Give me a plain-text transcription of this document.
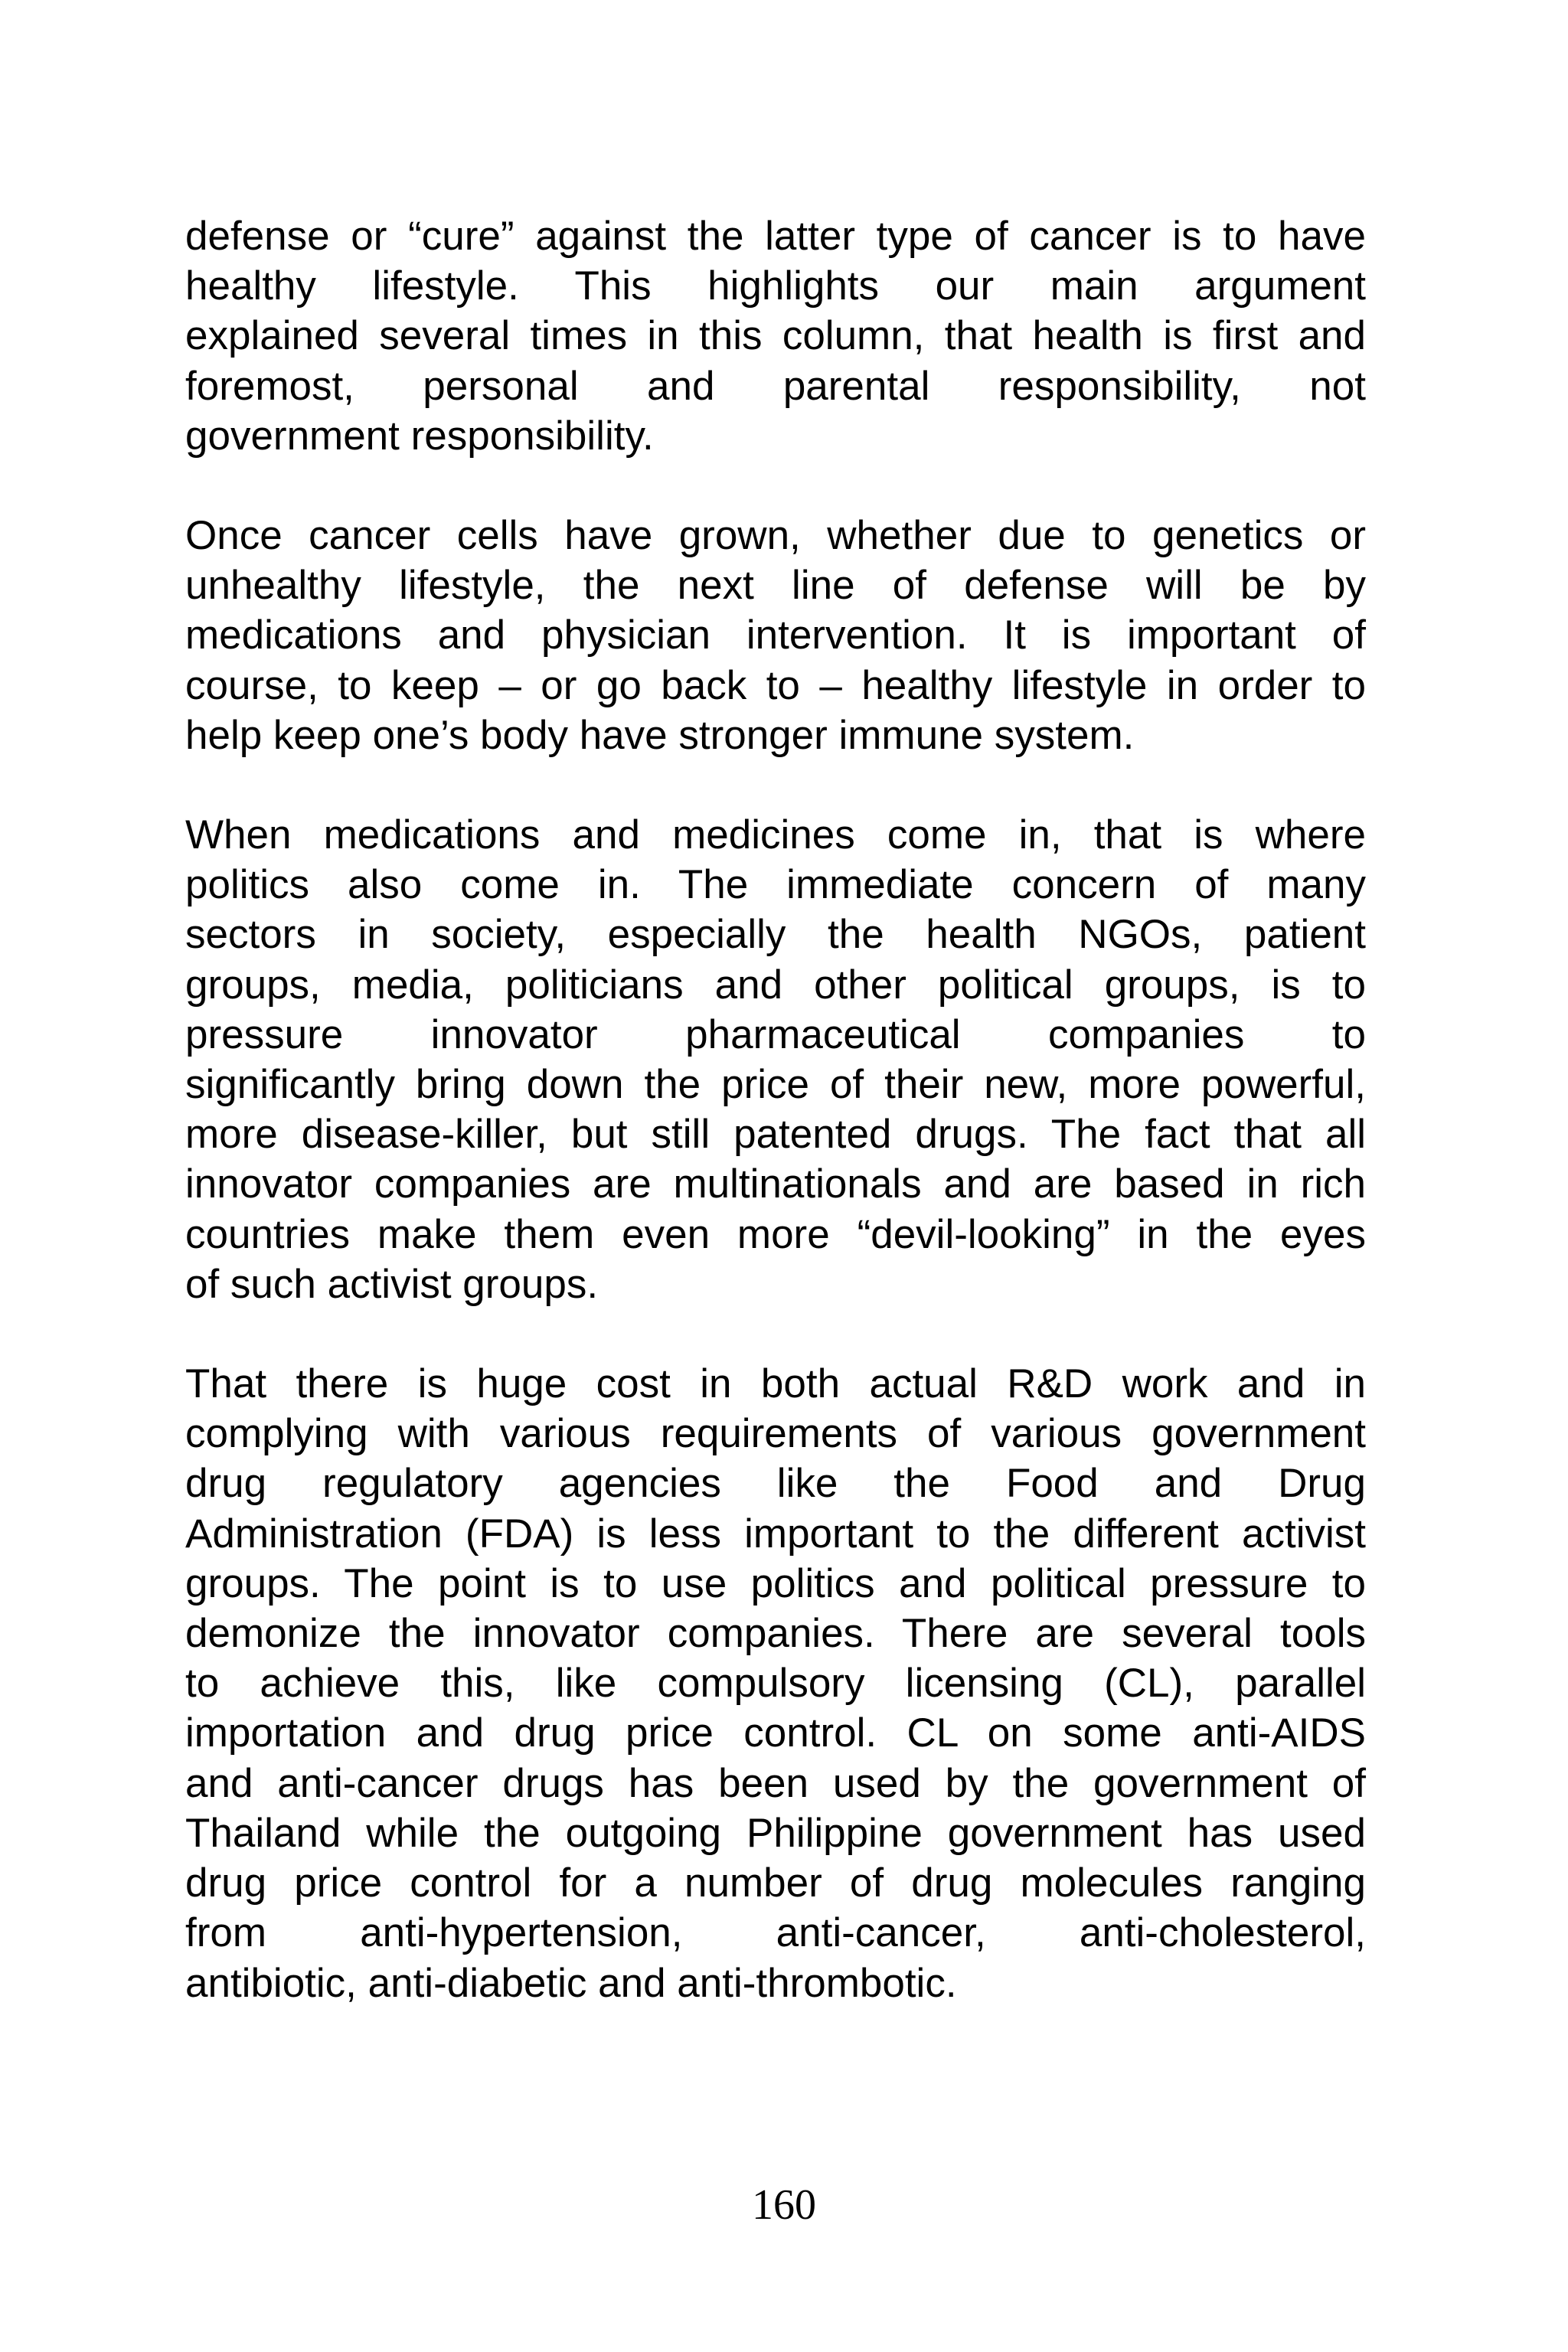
defense or “cure” against the latter type of cancer is to have
healthy lifestyle. This highlights our main argument
explained several times in this column, that health is first and
foremost, personal and parental responsibility, not
government responsibility.
Once cancer cells have grown, whether due to genetics or
unhealthy lifestyle, the next line of defense will be by
medications and physician intervention. It is important of
course, to keep – or go back to – healthy lifestyle in order to
help keep one’s body have stronger immune system.
When medications and medicines come in, that is where
politics also come in. The immediate concern of many
sectors in society, especially the health NGOs, patient
groups, media, politicians and other political groups, is to
pressure innovator pharmaceutical companies to
significantly bring down the price of their new, more powerful,
more disease-killer, but still patented drugs. The fact that all
innovator companies are multinationals and are based in rich
countries make them even more “devil-looking” in the eyes
of such activist groups.
That there is huge cost in both actual R&D work and in
complying with various requirements of various government
drug regulatory agencies like the Food and Drug
Administration (FDA) is less important to the different activist
groups. The point is to use politics and political pressure to
demonize the innovator companies. There are several tools
to achieve this, like compulsory licensing (CL), parallel
importation and drug price control. CL on some anti-AIDS
and anti-cancer drugs has been used by the government of
Thailand while the outgoing Philippine government has used
drug price control for a number of drug molecules ranging
from anti-hypertension, anti-cancer, anti-cholesterol,
antibiotic, anti-diabetic and anti-thrombotic.
160
